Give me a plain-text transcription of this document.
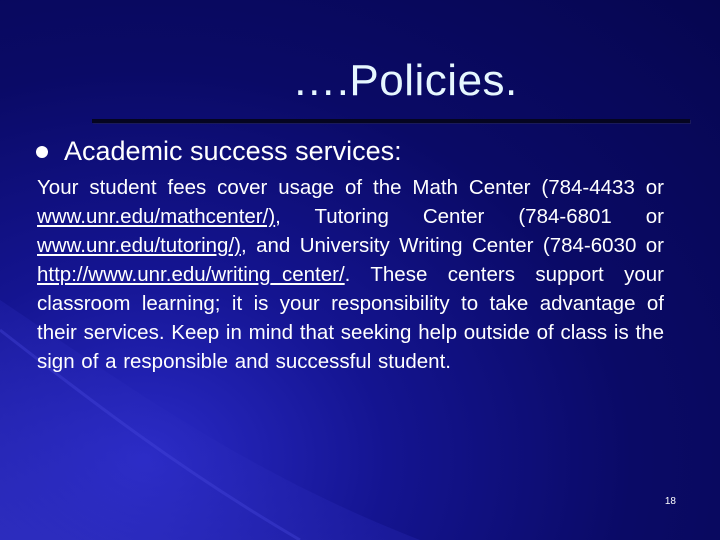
….Policies.
Academic success services:
Your student fees cover usage of the Math Center (784-4433 or www.unr.edu/mathcenter/), Tutoring Center (784-6801 or www.unr.edu/tutoring/), and University Writing Center (784-6030 or http://www.unr.edu/writing_center/. These centers support your classroom learning; it is your responsibility to take advantage of their services. Keep in mind that seeking help outside of class is the sign of a responsible and successful student.
18
